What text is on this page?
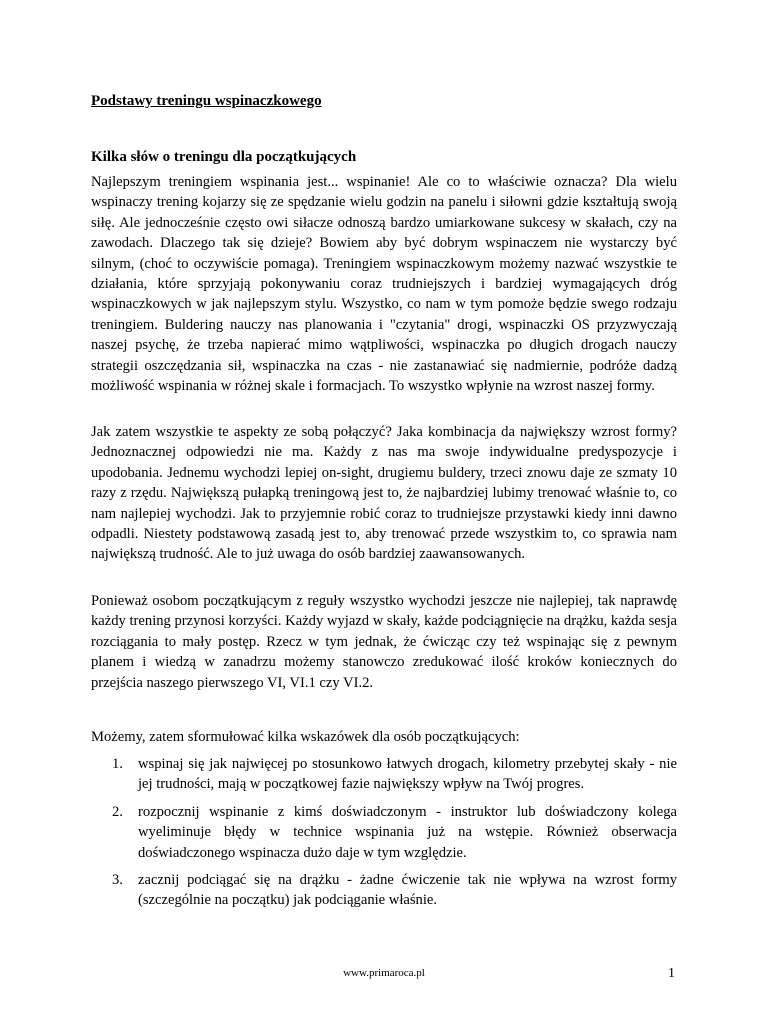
Podstawy treningu wspinaczkowego
Kilka słów o treningu dla początkujących

Najlepszym treningiem wspinania jest... wspinanie! Ale co to właściwie oznacza? Dla wielu wspinaczy trening kojarzy się ze spędzanie wielu godzin na panelu i siłowni gdzie kształtują swoją siłę. Ale jednocześnie często owi siłacze odnoszą bardzo umiarkowane sukcesy w skałach, czy na zawodach. Dlaczego tak się dzieje? Bowiem aby być dobrym wspinaczem nie wystarczy być silnym, (choć to oczywiście pomaga). Treningiem wspinaczkowym możemy nazwać wszystkie te działania, które sprzyjają pokonywaniu coraz trudniejszych i bardziej wymagających dróg wspinaczkowych w jak najlepszym stylu. Wszystko, co nam w tym pomoże będzie swego rodzaju treningiem. Buldering nauczy nas planowania i "czytania" drogi, wspinaczki OS przyzwyczają naszej psychę, że trzeba napierać mimo wątpliwości, wspinaczka po długich drogach nauczy strategii oszczędzania sił, wspinaczka na czas - nie zastanawiać się nadmiernie, podróże dadzą możliwość wspinania w różnej skale i formacjach. To wszystko wpłynie na wzrost naszej formy.

Jak zatem wszystkie te aspekty ze sobą połączyć? Jaka kombinacja da największy wzrost formy? Jednoznacznej odpowiedzi nie ma. Każdy z nas ma swoje indywidualne predyspozycje i upodobania. Jednemu wychodzi lepiej on-sight, drugiemu buldery, trzeci znowu daje ze szmaty 10 razy z rzędu. Największą pułapką treningową jest to, że najbardziej lubimy trenować właśnie to, co nam najlepiej wychodzi. Jak to przyjemnie robić coraz to trudniejsze przystawki kiedy inni dawno odpadli. Niestety podstawową zasadą jest to, aby trenować przede wszystkim to, co sprawia nam największą trudność. Ale to już uwaga do osób bardziej zaawansowanych.

Ponieważ osobom początkującym z reguły wszystko wychodzi jeszcze nie najlepiej, tak naprawdę każdy trening przynosi korzyści. Każdy wyjazd w skały, każde podciągnięcie na drążku, każda sesja rozciągania to mały postęp. Rzecz w tym jednak, że ćwicząc czy też wspinając się z pewnym planem i wiedzą w zanadrzu możemy stanowczo zredukować ilość kroków koniecznych do przejścia naszego pierwszego VI, VI.1 czy VI.2.

Możemy, zatem sformułować kilka wskazówek dla osób początkujących:

1. wspinaj się jak najwięcej po stosunkowo łatwych drogach, kilometry przebytej skały - nie jej trudności, mają w początkowej fazie największy wpływ na Twój progres.
2. rozpocznij wspinanie z kimś doświadczonym - instruktor lub doświadczony kolega wyeliminuje błędy w technice wspinania już na wstępie. Również obserwacja doświadczonego wspinacza dużo daje w tym względzie.
3. zacznij podciągać się na drążku - żadne ćwiczenie tak nie wpływa na wzrost formy (szczególnie na początku) jak podciąganie właśnie.

www.primaroca.pl	1
